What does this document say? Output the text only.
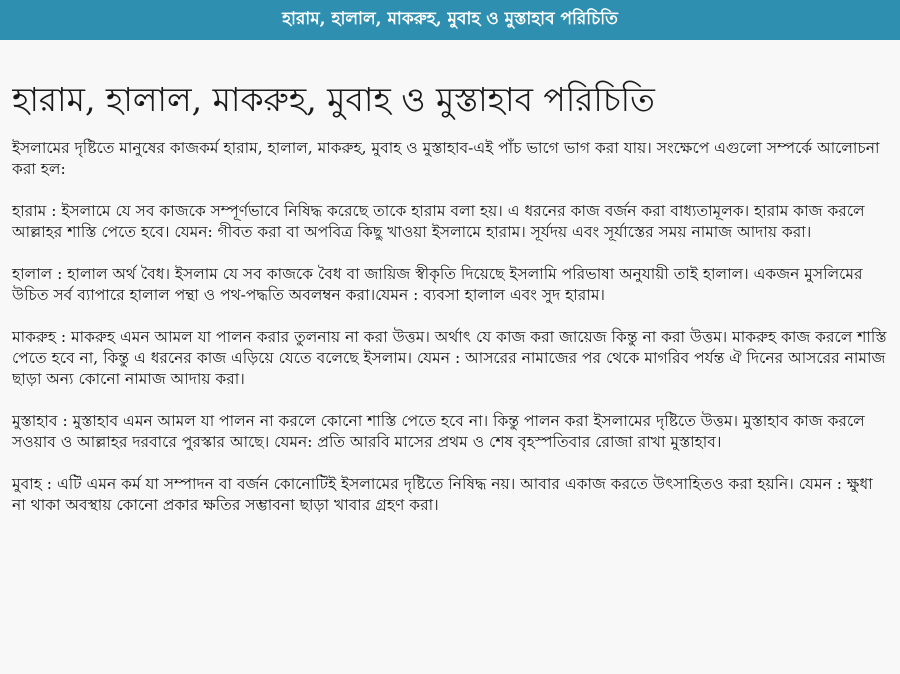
হারাম, হালাল, মাকরুহ, মুবাহ ও মুস্তাহাব পরিচিতি
হারাম, হালাল, মাকরুহ, মুবাহ ও মুস্তাহাব পরিচিতি

ইসলামের দৃষ্টিতে মানুষের কাজকর্ম হারাম, হালাল, মাকরুহ, মুবাহ ও মুস্তাহাব-এই পাঁচ ভাগে ভাগ করা যায়। সংক্ষেপে এগুলো সম্পর্কে আলোচনা করা হল:

হারাম : ইসলামে যে সব কাজকে সম্পূর্ণভাবে নিষিদ্ধ করেছে তাকে হারাম বলা হয়। এ ধরনের কাজ বর্জন করা বাধ্যতামূলক। হারাম কাজ করলে আল্লাহর শাস্তি পেতে হবে। যেমন: গীবত করা বা অপবিত্র কিছু খাওয়া ইসলামে হারাম। সূর্যদয় এবং সূর্যাস্তের সময় নামাজ আদায় করা।

হালাল : হালাল অর্থ বৈধ। ইসলাম যে সব কাজকে বৈধ বা জায়িজ স্বীকৃতি দিয়েছে ইসলামি পরিভাষা অনুযায়ী তাই হালাল। একজন মুসলিমের উচিত সর্ব ব্যাপারে হালাল পন্থা ও পথ-পদ্ধতি অবলম্বন করা।যেমন : ব্যবসা হালাল এবং সুদ হারাম।

মাকরুহ : মাকরুহ এমন আমল যা পালন করার তুলনায় না করা উত্তম। অর্থাৎ যে কাজ করা জায়েজ কিন্তু না করা উত্তম। মাকরুহ কাজ করলে শাস্তি পেতে হবে না, কিন্তু এ ধরনের কাজ এড়িয়ে যেতে বলেছে ইসলাম। যেমন : আসরের নামাজের পর থেকে মাগরিব পর্যন্ত ঐ দিনের আসরের নামাজ ছাড়া অন্য কোনো নামাজ আদায় করা।

মুস্তাহাব : মুস্তাহাব এমন আমল যা পালন না করলে কোনো শাস্তি পেতে হবে না। কিন্তু পালন করা ইসলামের দৃষ্টিতে উত্তম। মুস্তাহাব কাজ করলে সওয়াব ও আল্লাহর দরবারে পুরস্কার আছে। যেমন: প্রতি আরবি মাসের প্রথম ও শেষ বৃহস্পতিবার রোজা রাখা মুস্তাহাব।

মুবাহ : এটি এমন কর্ম যা সম্পাদন বা বর্জন কোনোটিই ইসলামের দৃষ্টিতে নিষিদ্ধ নয়। আবার একাজ করতে উৎসাহিতও করা হয়নি। যেমন : ক্ষুধা না থাকা অবস্থায় কোনো প্রকার ক্ষতির সম্ভাবনা ছাড়া খাবার গ্রহণ করা।
